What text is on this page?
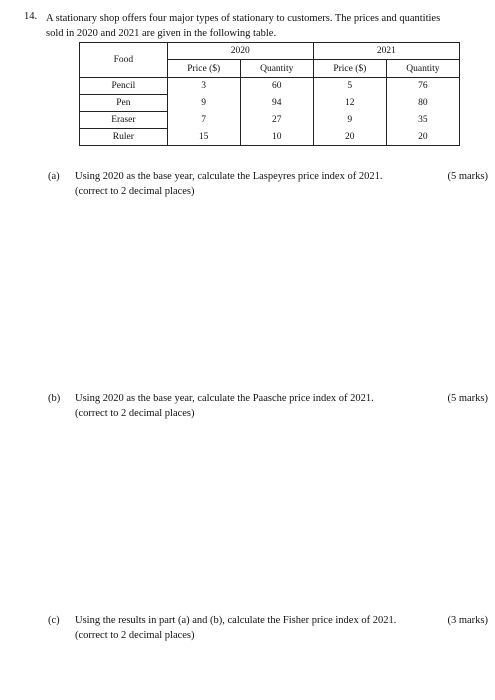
14. A stationary shop offers four major types of stationary to customers. The prices and quantities
sold in 2020 and 2021 are given in the following table.
Food	2020		2021	
	Price ($)	Quantity	Price ($)	Quantity
Pencil	3	60	5	76
Pen	9	94	12	80
Eraser	7	27	9	35
Ruler	15	10	20	20
(a) Using 2020 as the base year, calculate the Laspeyres price index of 2021.
(correct to 2 decimal places)
(5 marks)
(b) Using 2020 as the base year, calculate the Paasche price index of 2021.
(correct to 2 decimal places)
(5 marks)
(c) Using the results in part (a) and (b), calculate the Fisher price index of 2021.
(correct to 2 decimal places)
(3 marks)
